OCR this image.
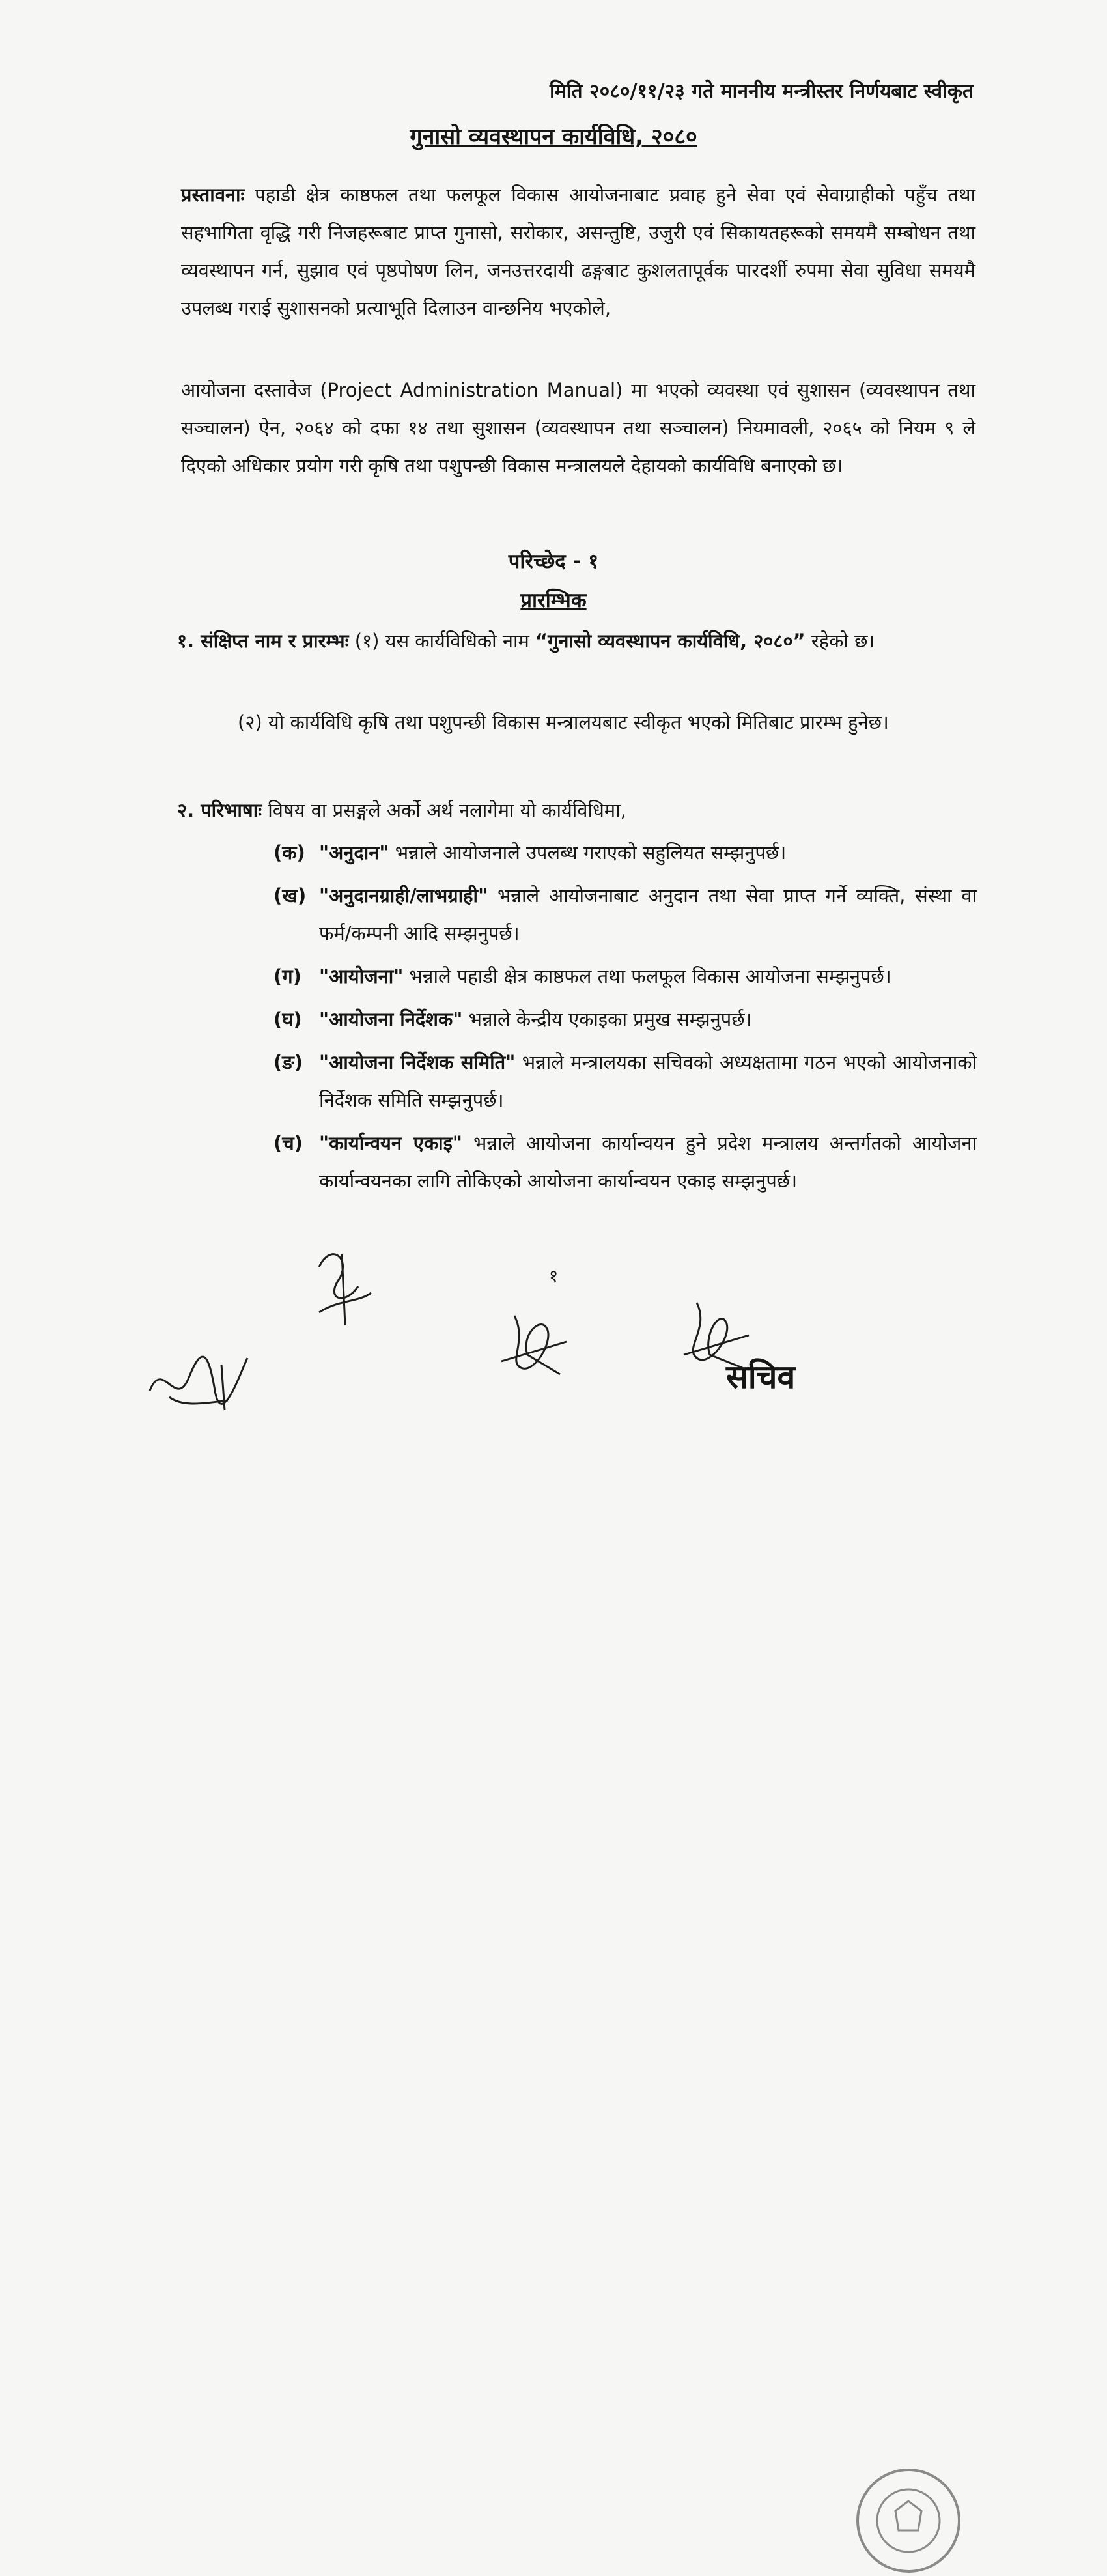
मिति २०८०/११/२३ गते माननीय मन्त्रीस्तर निर्णयबाट स्वीकृत
गुनासो व्यवस्थापन कार्यविधि, २०८०
प्रस्तावनाः पहाडी क्षेत्र काष्ठफल तथा फलफूल विकास आयोजनाबाट प्रवाह हुने सेवा एवं सेवाग्राहीको पहुँच तथा सहभागिता वृद्धि गरी निजहरूबाट प्राप्त गुनासो, सरोकार, असन्तुष्टि, उजुरी एवं सिकायतहरूको समयमै सम्बोधन तथा व्यवस्थापन गर्न, सुझाव एवं पृष्ठपोषण लिन, जनउत्तरदायी ढङ्गबाट कुशलतापूर्वक पारदर्शी रुपमा सेवा सुविधा समयमै उपलब्ध गराई सुशासनको प्रत्याभूति दिलाउन वान्छनिय भएकोले,
आयोजना दस्तावेज (Project Administration Manual) मा भएको व्यवस्था एवं सुशासन (व्यवस्थापन तथा सञ्चालन) ऐन, २०६४ को दफा १४ तथा सुशासन (व्यवस्थापन तथा सञ्चालन) नियमावली, २०६५ को नियम ९ ले दिएको अधिकार प्रयोग गरी कृषि तथा पशुपन्छी विकास मन्त्रालयले देहायको कार्यविधि बनाएको छ।
परिच्छेद - १
प्रारम्भिक
१. संक्षिप्त नाम र प्रारम्भः (१) यस कार्यविधिको नाम “गुनासो व्यवस्थापन कार्यविधि, २०८०” रहेको छ।
(२) यो कार्यविधि कृषि तथा पशुपन्छी विकास मन्त्रालयबाट स्वीकृत भएको मितिबाट प्रारम्भ हुनेछ।
२. परिभाषाः विषय वा प्रसङ्गले अर्को अर्थ नलागेमा यो कार्यविधिमा,
(क) "अनुदान" भन्नाले आयोजनाले उपलब्ध गराएको सहुलियत सम्झनुपर्छ।
(ख) "अनुदानग्राही/लाभग्राही" भन्नाले आयोजनाबाट अनुदान तथा सेवा प्राप्त गर्ने व्यक्ति, संस्था वा फर्म/कम्पनी आदि सम्झनुपर्छ।
(ग) "आयोजना" भन्नाले पहाडी क्षेत्र काष्ठफल तथा फलफूल विकास आयोजना सम्झनुपर्छ।
(घ) "आयोजना निर्देशक" भन्नाले केन्द्रीय एकाइका प्रमुख सम्झनुपर्छ।
(ङ) "आयोजना निर्देशक समिति" भन्नाले मन्त्रालयका सचिवको अध्यक्षतामा गठन भएको आयोजनाको निर्देशक समिति सम्झनुपर्छ।
(च) "कार्यान्वयन एकाइ" भन्नाले आयोजना कार्यान्वयन हुने प्रदेश मन्त्रालय अन्तर्गतको आयोजना कार्यान्वयनका लागि तोकिएको आयोजना कार्यान्वयन एकाइ सम्झनुपर्छ।
१
सचिव
